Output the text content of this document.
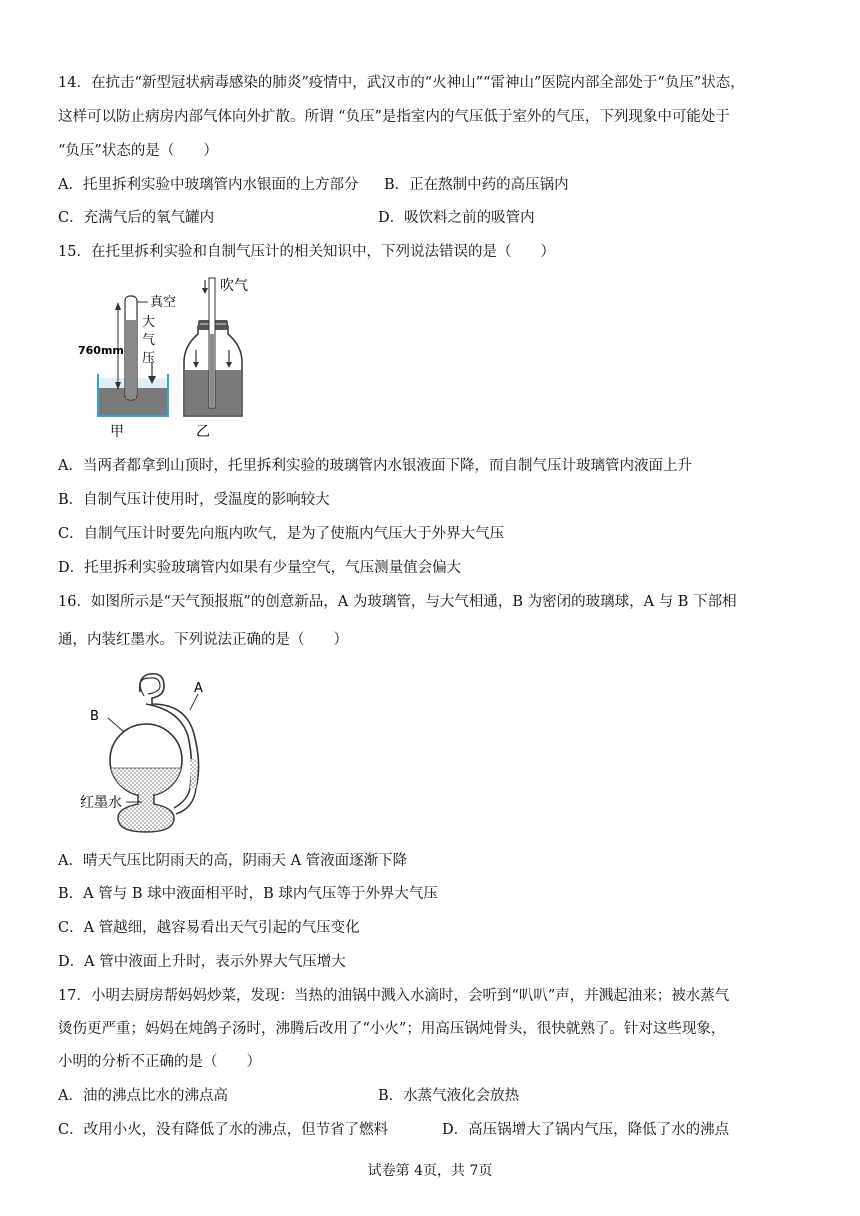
14．在抗击“新型冠状病毒感染的肺炎”疫情中，武汉市的“火神山”“雷神山”医院内部全部处于“负压”状态，
这样可以防止病房内部气体向外扩散。所谓 “负压”是指室内的气压低于室外的气压，下列现象中可能处于
“负压”状态的是（　　）
A．托里拆利实验中玻璃管内水银面的上方部分 B．正在熬制中药的高压锅内
C．充满气后的氧气罐内	D．吸饮料之前的吸管内
15．在托里拆利实验和自制气压计的相关知识中，下列说法错误的是（　　）
真空
大
气
压
760mm
甲
吹气
乙
A．当两者都拿到山顶时，托里拆利实验的玻璃管内水银液面下降，而自制气压计玻璃管内液面上升
B．自制气压计使用时，受温度的影响较大
C．自制气压计时要先向瓶内吹气，是为了使瓶内气压大于外界大气压
D．托里拆利实验玻璃管内如果有少量空气，气压测量值会偏大
16．如图所示是“天气预报瓶”的创意新品，A 为玻璃管，与大气相通，B 为密闭的玻璃球，A 与 B 下部相
通，内装红墨水。下列说法正确的是（　　）
B
A
红墨水
A．晴天气压比阴雨天的高，阴雨天 A 管液面逐渐下降
B．A 管与 B 球中液面相平时，B 球内气压等于外界大气压
C．A 管越细，越容易看出天气引起的气压变化
D．A 管中液面上升时，表示外界大气压增大
17．小明去厨房帮妈妈炒菜，发现：当热的油锅中溅入水滴时，会听到“叭叭”声，并溅起油来；被水蒸气
烫伤更严重；妈妈在炖鸽子汤时，沸腾后改用了“小火”；用高压锅炖骨头，很快就熟了。针对这些现象，
小明的分析不正确的是（　　）
A．油的沸点比水的沸点高	B．水蒸气液化会放热
C．改用小火，没有降低了水的沸点，但节省了燃料	D．高压锅增大了锅内气压，降低了水的沸点
试卷第 4页，共 7页
